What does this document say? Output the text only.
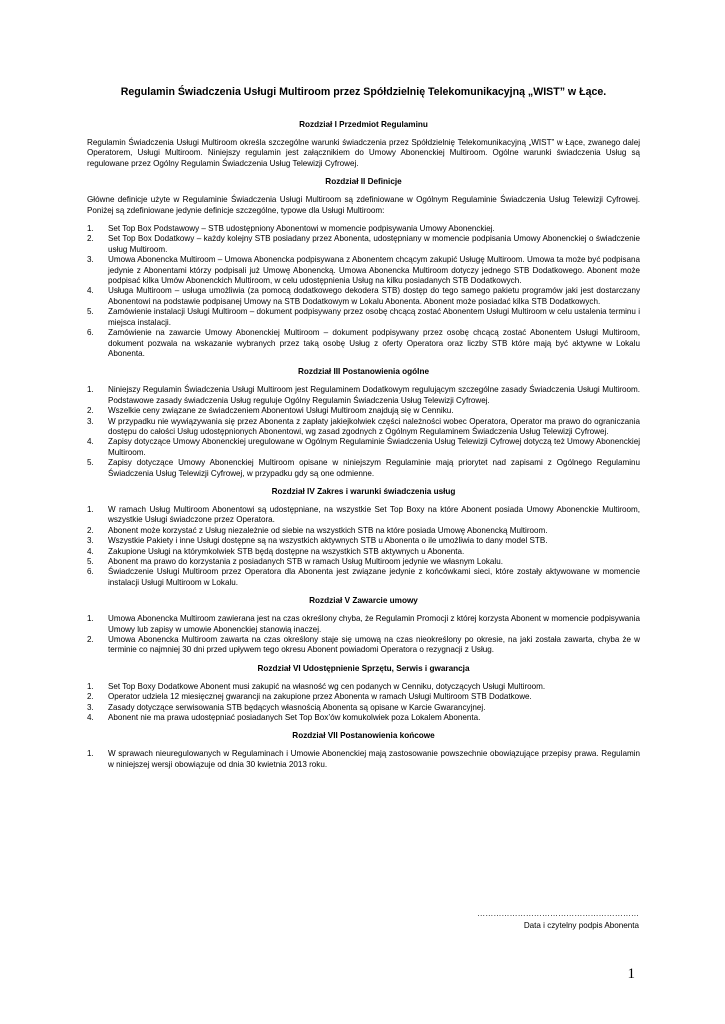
Regulamin Świadczenia Usługi Multiroom przez Spółdzielnię Telekomunikacyjną „WIST” w Łące.
Rozdział I Przedmiot Regulaminu

Regulamin Świadczenia Usługi Multiroom określa szczególne warunki świadczenia przez Spółdzielnię Telekomunikacyjną „WIST” w Łące, zwanego dalej Operatorem, Usługi Multiroom. Niniejszy regulamin jest załącznikiem do Umowy Abonenckiej Multiroom. Ogólne warunki świadczenia Usług są regulowane przez Ogólny Regulamin Świadczenia Usług Telewizji Cyfrowej.

Rozdział II Definicje

Główne definicje użyte w Regulaminie Świadczenia Usługi Multiroom są zdefiniowane w Ogólnym Regulaminie Świadczenia Usług Telewizji Cyfrowej. Poniżej są zdefiniowane jedynie definicje szczególne, typowe dla Usługi Multiroom:

1. Set Top Box Podstawowy – STB udostępniony Abonentowi w momencie podpisywania Umowy Abonenckiej.
2. Set Top Box Dodatkowy – każdy kolejny STB posiadany przez Abonenta, udostępniany w momencie podpisania Umowy Abonenckiej o świadczenie usług Multiroom.
3. Umowa Abonencka Multiroom – Umowa Abonencka podpisywana z Abonentem chcącym zakupić Usługę Multiroom. Umowa ta może być podpisana jedynie z Abonentami którzy podpisali już Umowę Abonencką. Umowa Abonencka Multiroom dotyczy jednego STB Dodatkowego. Abonent może podpisać kilka Umów Abonenckich Multiroom, w celu udostępnienia Usług na kilku posiadanych STB Dodatkowych.
4. Usługa Multiroom – usługa umożliwia (za pomocą dodatkowego dekodera STB) dostęp do tego samego pakietu programów jaki jest dostarczany Abonentowi na podstawie podpisanej Umowy na STB Dodatkowym w Lokalu Abonenta. Abonent może posiadać kilka STB Dodatkowych.
5. Zamówienie instalacji Usługi Multiroom – dokument podpisywany przez osobę chcącą zostać Abonentem Usługi Multiroom w celu ustalenia terminu i miejsca instalacji.
6. Zamówienie na zawarcie Umowy Abonenckiej Multiroom – dokument podpisywany przez osobę chcącą zostać Abonentem Usługi Multiroom, dokument pozwala na wskazanie wybranych przez taką osobę Usług z oferty Operatora oraz liczby STB które mają być aktywne w Lokalu Abonenta.
Rozdział III Postanowienia ogólne
1. Niniejszy Regulamin Świadczenia Usługi Multiroom jest Regulaminem Dodatkowym regulującym szczególne zasady Świadczenia Usługi Multiroom. Podstawowe zasady świadczenia Usług reguluje Ogólny Regulamin Świadczenia Usług Telewizji Cyfrowej.
2. Wszelkie ceny związane ze świadczeniem Abonentowi Usługi Multiroom znajdują się w Cenniku.
3. W przypadku nie wywiązywania się przez Abonenta z zapłaty jakiejkolwiek części należności wobec Operatora, Operator ma prawo do ograniczania dostępu do całości Usług udostępnionych Abonentowi, wg zasad zgodnych z Ogólnym Regulaminem Świadczenia Usług Telewizji Cyfrowej.
4. Zapisy dotyczące Umowy Abonenckiej uregulowane w Ogólnym Regulaminie Świadczenia Usług Telewizji Cyfrowej dotyczą też Umowy Abonenckiej Multiroom.
5. Zapisy dotyczące Umowy Abonenckiej Multiroom opisane w niniejszym Regulaminie mają priorytet nad zapisami z Ogólnego Regulaminu Świadczenia Usług Telewizji Cyfrowej, w przypadku gdy są one odmienne.
Rozdział IV Zakres i warunki świadczenia usług
1. W ramach Usług Multiroom Abonentowi są udostępniane, na wszystkie Set Top Boxy na które Abonent posiada Umowy Abonenckie Multiroom, wszystkie Usługi świadczone przez Operatora.
2. Abonent może korzystać z Usług niezależnie od siebie na wszystkich STB na które posiada Umowę Abonencką Multiroom.
3. Wszystkie Pakiety i inne Usługi dostępne są na wszystkich aktywnych STB u Abonenta o ile umożliwia to dany model STB.
4. Zakupione Usługi na którymkolwiek STB będą dostępne na wszystkich STB aktywnych u Abonenta.
5. Abonent ma prawo do korzystania z posiadanych STB w ramach Usług Multiroom jedynie we własnym Lokalu.
6. Świadczenie Usługi Multiroom przez Operatora dla Abonenta jest związane jedynie z końcówkami sieci, które zostały aktywowane w momencie instalacji Usługi Multiroom w Lokalu.
Rozdział V Zawarcie umowy
1. Umowa Abonencka Multiroom zawierana jest na czas określony chyba, że Regulamin Promocji z której korzysta Abonent w momencie podpisywania Umowy lub zapisy w umowie Abonenckiej stanowią inaczej.
2. Umowa Abonencka Multiroom zawarta na czas określony staje się umową na czas nieokreślony po okresie, na jaki została zawarta, chyba że w terminie co najmniej 30 dni przed upływem tego okresu Abonent powiadomi Operatora o rezygnacji z Usług.
Rozdział VI Udostępnienie Sprzętu, Serwis i gwarancja
1. Set Top Boxy Dodatkowe Abonent musi zakupić na własność wg cen podanych w Cenniku, dotyczących Usługi Multiroom.
2. Operator udziela 12 miesięcznej gwarancji na zakupione przez Abonenta w ramach Usługi Multiroom STB Dodatkowe.
3. Zasady dotyczące serwisowania STB będących własnością Abonenta są opisane w Karcie Gwarancyjnej.
4. Abonent nie ma prawa udostępniać posiadanych Set Top Box’ów komukolwiek poza Lokalem Abonenta.
Rozdział VII Postanowienia końcowe
1. W sprawach nieuregulowanych w Regulaminach i Umowie Abonenckiej mają zastosowanie powszechnie obowiązujące przepisy prawa. Regulamin w niniejszej wersji obowiązuje od dnia 30 kwietnia 2013 roku.
……………………………………………………
Data i czytelny podpis Abonenta
1
